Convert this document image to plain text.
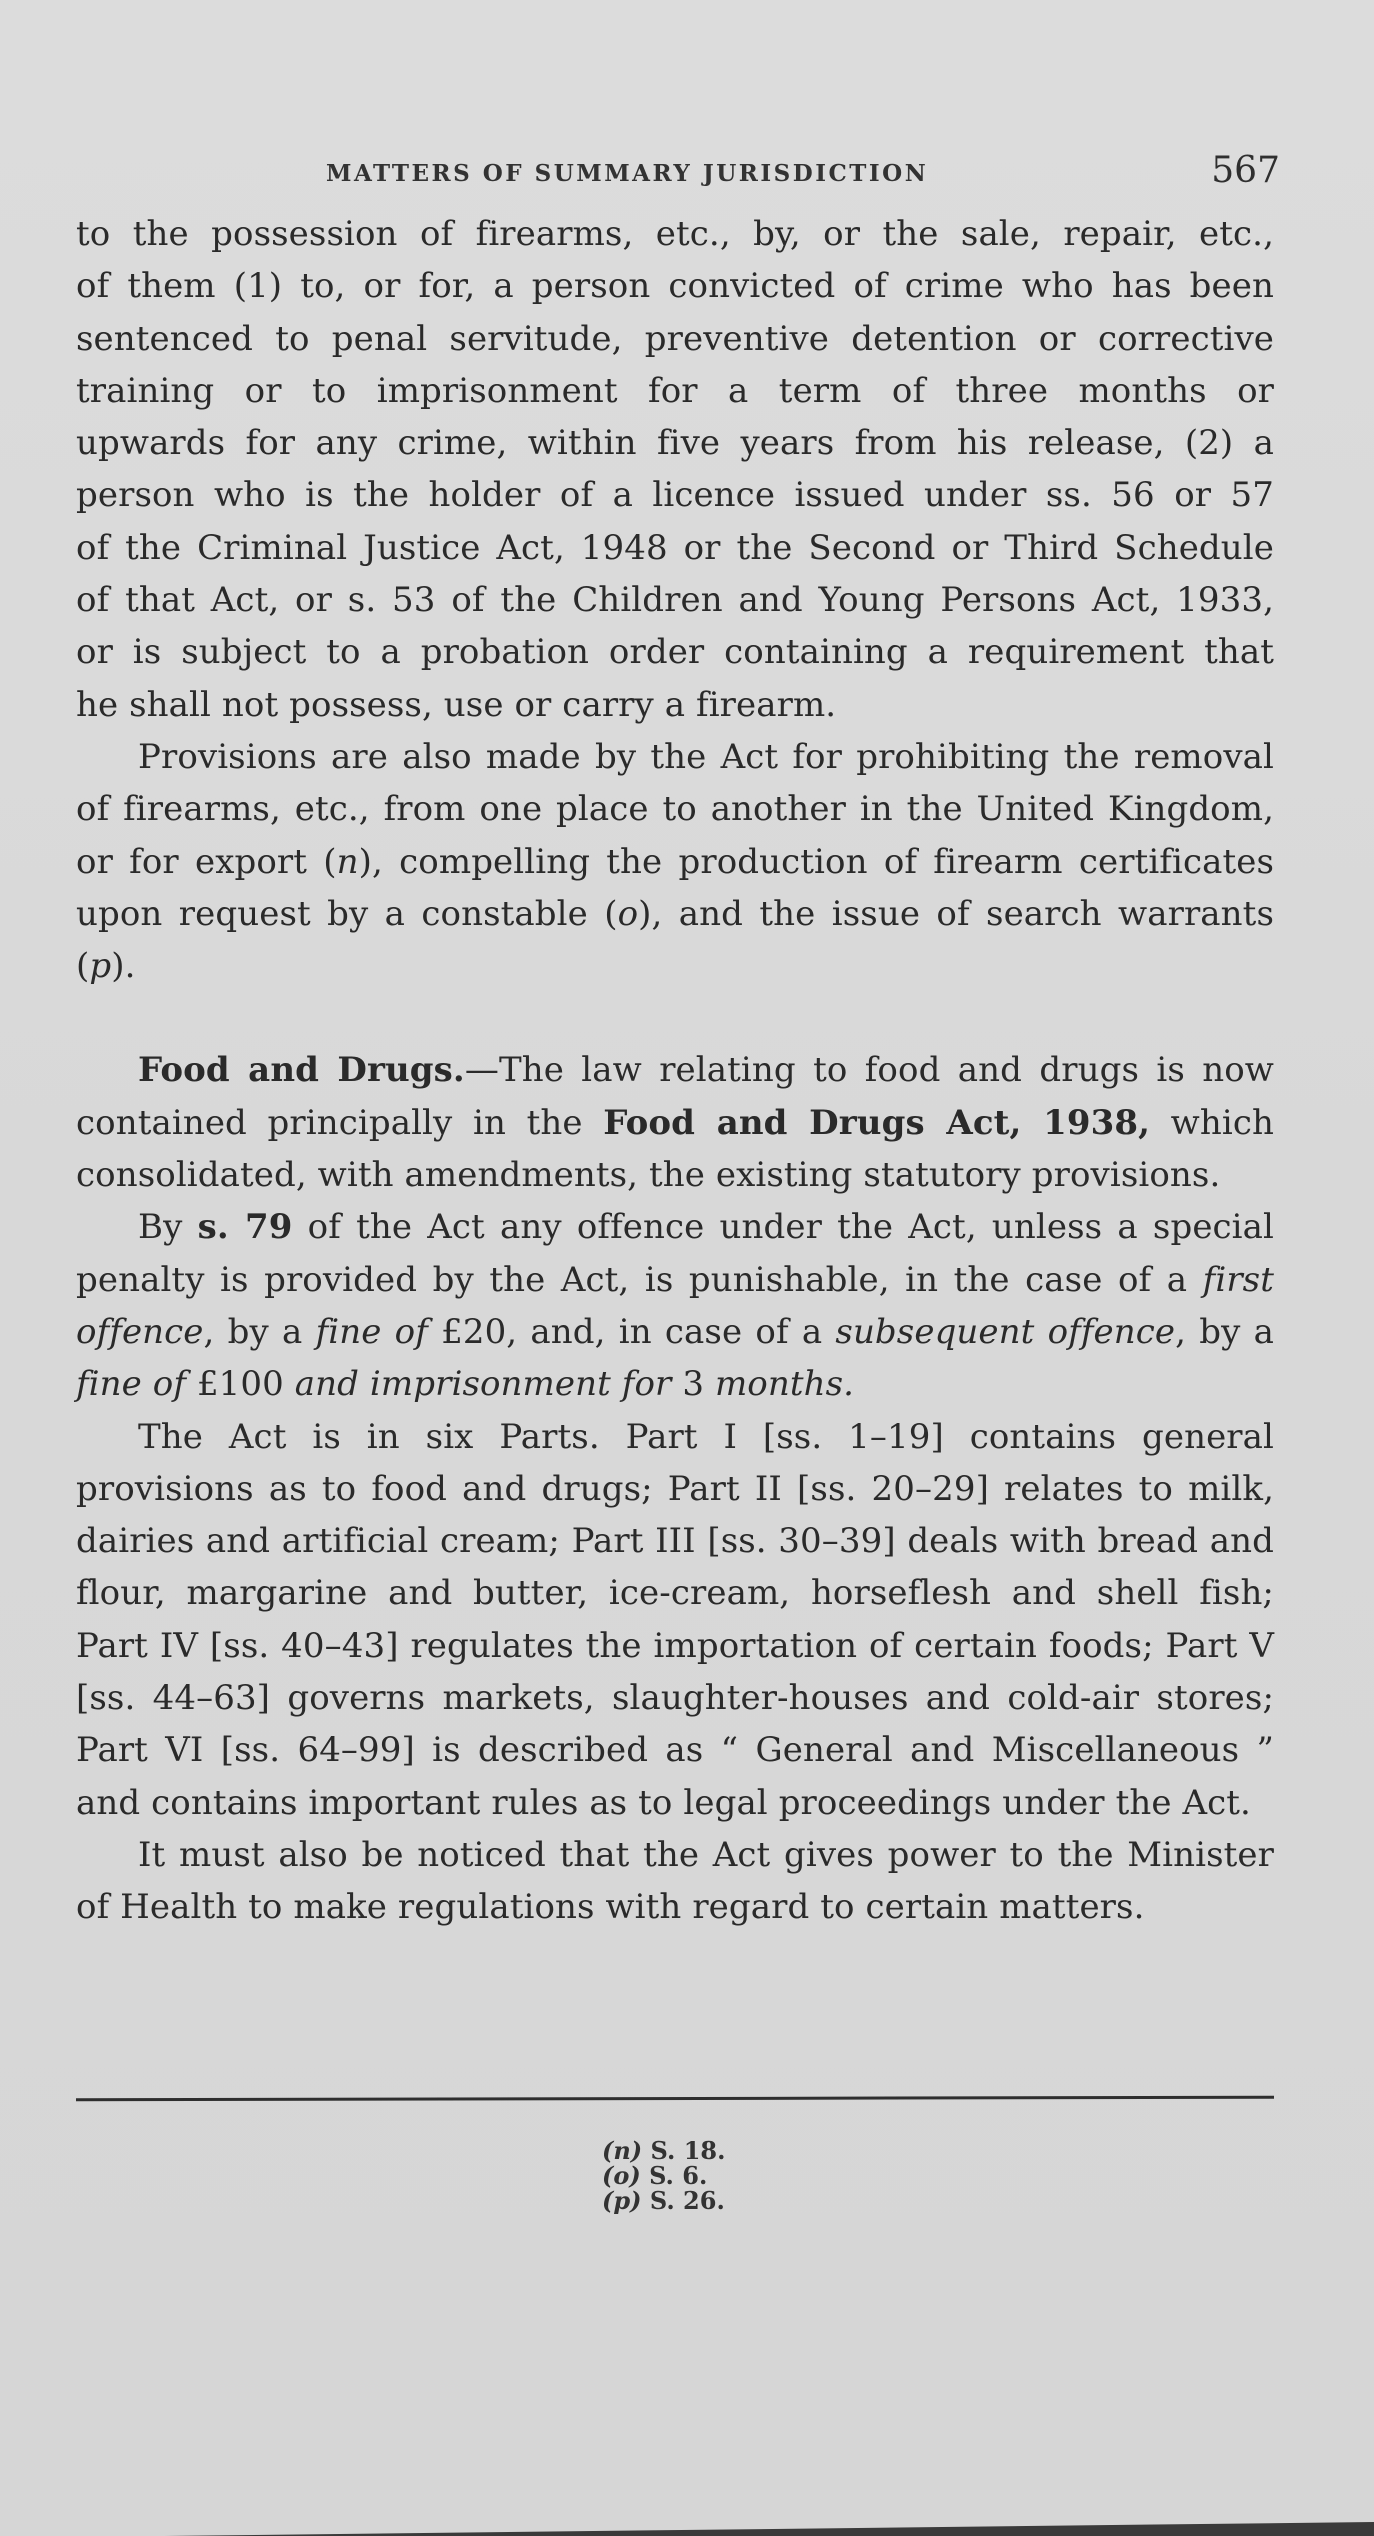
MATTERS OF SUMMARY JURISDICTION	567

to the possession of firearms, etc., by, or the sale, repair, etc.,

of them (1) to, or for, a person convicted of crime who has been

sentenced to penal servitude, preventive detention or corrective

training or to imprisonment for a term of three months or

upwards for any crime, within five years from his release, (2) a

person who is the holder of a licence issued under ss. 56 or 57

of the Criminal Justice Act, 1948 or the Second or Third Schedule

of that Act, or s. 53 of the Children and Young Persons Act, 1933,

or is subject to a probation order containing a requirement that

he shall not possess, use or carry a firearm.

Provisions are also made by the Act for prohibiting the removal of firearms, etc., from one place to another in the United Kingdom, or for export (n), compelling the production of firearm certificates upon request by a constable (o), and the issue of search warrants (p).

Food and Drugs.—The law relating to food and drugs is now contained principally in the Food and Drugs Act, 1938, which consolidated, with amendments, the existing statutory provisions.

By s. 79 of the Act any offence under the Act, unless a special penalty is provided by the Act, is punishable, in the case of a first offence, by a fine of £20, and, in case of a subsequent offence, by a fine of £100 and imprisonment for 3 months.

The Act is in six Parts. Part I [ss. 1–19] contains general provisions as to food and drugs; Part II [ss. 20–29] relates to milk, dairies and artificial cream; Part III [ss. 30–39] deals with bread and flour, margarine and butter, ice-cream, horseflesh and shell fish; Part IV [ss. 40–43] regulates the importation of certain foods; Part V [ss. 44–63] governs markets, slaughter-houses and cold-air stores; Part VI [ss. 64–99] is described as “ General and Miscellaneous ” and contains important rules as to legal proceedings under the Act.

It must also be noticed that the Act gives power to the Minister of Health to make regulations with regard to certain matters.

(n) S. 18.
(o) S. 6.
(p) S. 26.
